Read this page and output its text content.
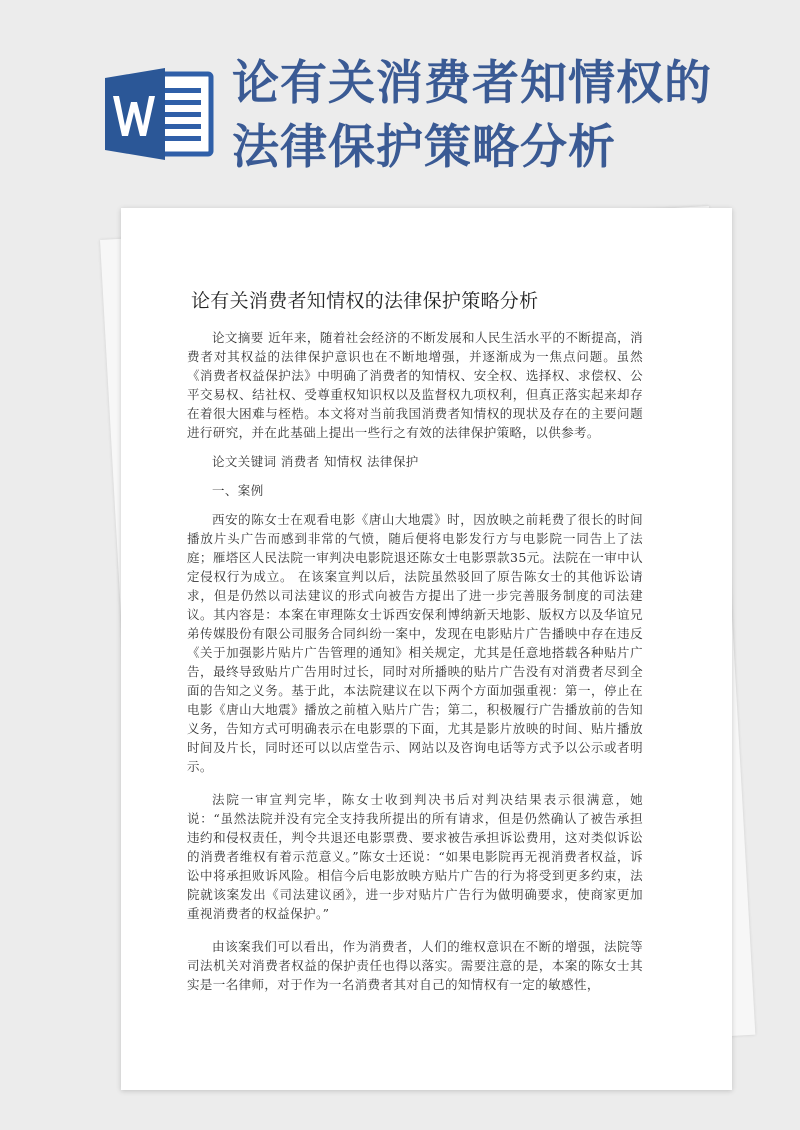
论有关消费者知情权的
法律保护策略分析
论有关消费者知情权的法律保护策略分析

论文摘要 近年来，随着社会经济的不断发展和人民生活水平的不断提高，消费者对其权益的法律保护意识也在不断地增强，并逐渐成为一焦点问题。虽然《消费者权益保护法》中明确了消费者的知情权、安全权、选择权、求偿权、公平交易权、结社权、受尊重权知识权以及监督权九项权利，但真正落实起来却存在着很大困难与桎梏。本文将对当前我国消费者知情权的现状及存在的主要问题进行研究，并在此基础上提出一些行之有效的法律保护策略，以供参考。

论文关键词 消费者 知情权 法律保护

一、案例

西安的陈女士在观看电影《唐山大地震》时，因放映之前耗费了很长的时间播放片头广告而感到非常的气愤，随后便将电影发行方与电影院一同告上了法庭；雁塔区人民法院一审判决电影院退还陈女士电影票款35元。法院在一审中认定侵权行为成立。 在该案宣判以后，法院虽然驳回了原告陈女士的其他诉讼请求，但是仍然以司法建议的形式向被告方提出了进一步完善服务制度的司法建议。其内容是：本案在审理陈女士诉西安保利博纳新天地影、版权方以及华谊兄弟传媒股份有限公司服务合同纠纷一案中，发现在电影贴片广告播映中存在违反《关于加强影片贴片广告管理的通知》相关规定，尤其是任意地搭载各种贴片广告，最终导致贴片广告用时过长，同时对所播映的贴片广告没有对消费者尽到全面的告知之义务。基于此，本法院建议在以下两个方面加强重视：第一，停止在电影《唐山大地震》播放之前植入贴片广告；第二，积极履行广告播放前的告知义务，告知方式可明确表示在电影票的下面，尤其是影片放映的时间、贴片播放时间及片长，同时还可以以店堂告示、网站以及咨询电话等方式予以公示或者明示。

法院一审宣判完毕，陈女士收到判决书后对判决结果表示很满意，她说：“虽然法院并没有完全支持我所提出的所有请求，但是仍然确认了被告承担违约和侵权责任，判令共退还电影票费、要求被告承担诉讼费用，这对类似诉讼的消费者维权有着示范意义。”陈女士还说：“如果电影院再无视消费者权益，诉讼中将承担败诉风险。相信今后电影放映方贴片广告的行为将受到更多约束，法院就该案发出《司法建议函》，进一步对贴片广告行为做明确要求，使商家更加重视消费者的权益保护。”

由该案我们可以看出，作为消费者，人们的维权意识在不断的增强，法院等司法机关对消费者权益的保护责任也得以落实。需要注意的是，本案的陈女士其实是一名律师，对于作为一名消费者其对自己的知情权有一定的敏感性，
